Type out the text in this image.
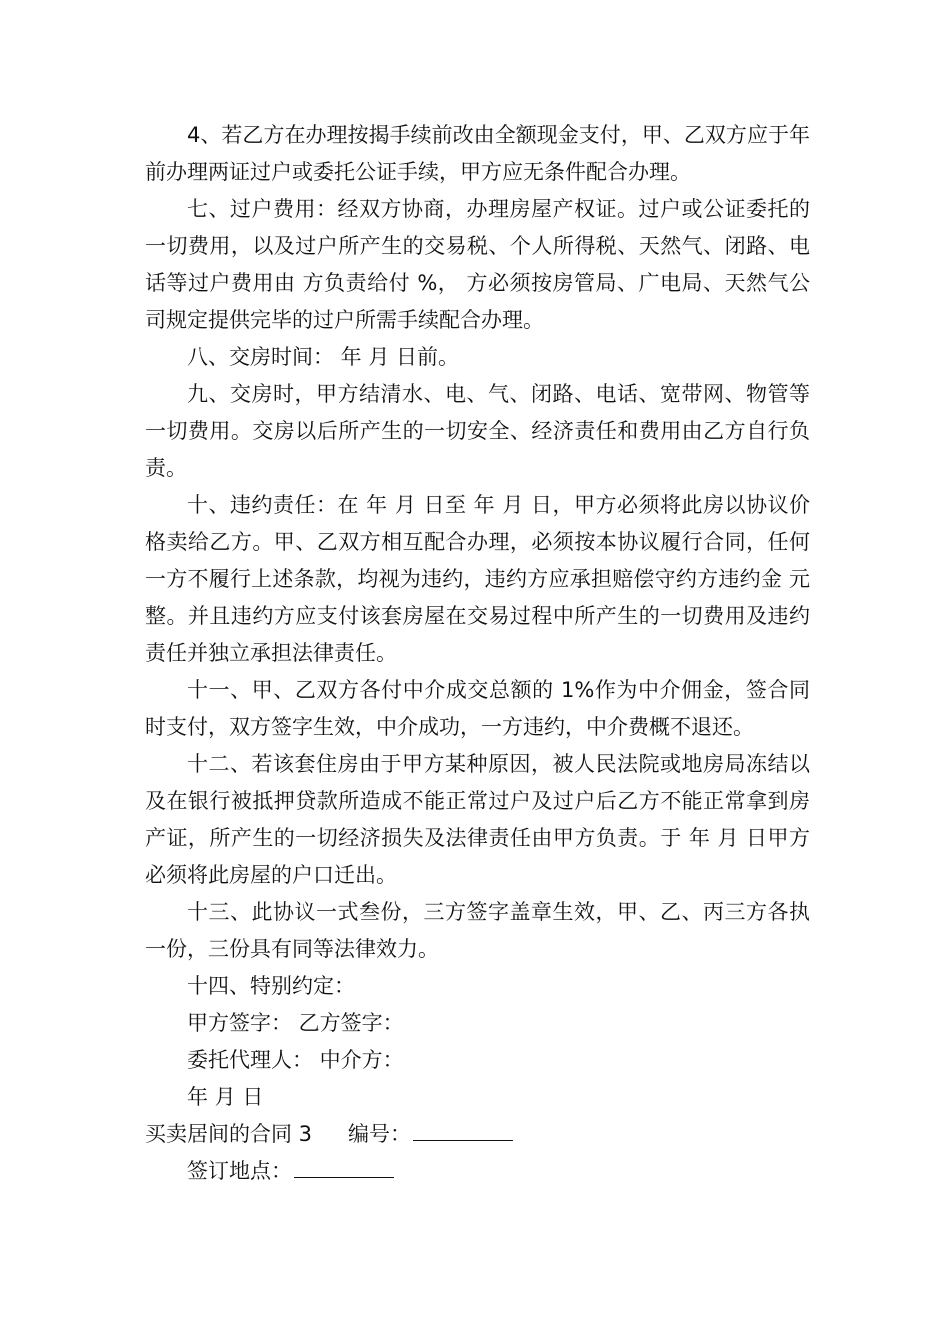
4、若乙方在办理按揭手续前改由全额现金支付，甲、乙双方应于年前办理两证过户或委托公证手续，甲方应无条件配合办理。

七、过户费用：经双方协商，办理房屋产权证。过户或公证委托的一切费用，以及过户所产生的交易税、个人所得税、天然气、闭路、电话等过户费用由 方负责给付 %， 方必须按房管局、广电局、天然气公司规定提供完毕的过户所需手续配合办理。

八、交房时间： 年 月 日前。

九、交房时，甲方结清水、电、气、闭路、电话、宽带网、物管等一切费用。交房以后所产生的一切安全、经济责任和费用由乙方自行负责。

十、违约责任：在 年 月 日至 年 月 日，甲方必须将此房以协议价格卖给乙方。甲、乙双方相互配合办理，必须按本协议履行合同，任何一方不履行上述条款，均视为违约，违约方应承担赔偿守约方违约金 元整。并且违约方应支付该套房屋在交易过程中所产生的一切费用及违约责任并独立承担法律责任。

十一、甲、乙双方各付中介成交总额的 1%作为中介佣金，签合同时支付，双方签字生效，中介成功，一方违约，中介费概不退还。

十二、若该套住房由于甲方某种原因，被人民法院或地房局冻结以及在银行被抵押贷款所造成不能正常过户及过户后乙方不能正常拿到房产证，所产生的一切经济损失及法律责任由甲方负责。于 年 月 日甲方必须将此房屋的户口迁出。

十三、此协议一式叁份，三方签字盖章生效，甲、乙、丙三方各执一份，三份具有同等法律效力。

十四、特别约定：

甲方签字： 乙方签字：

委托代理人： 中介方：

年 月 日

买卖居间的合同 3 编号：

签订地点：
